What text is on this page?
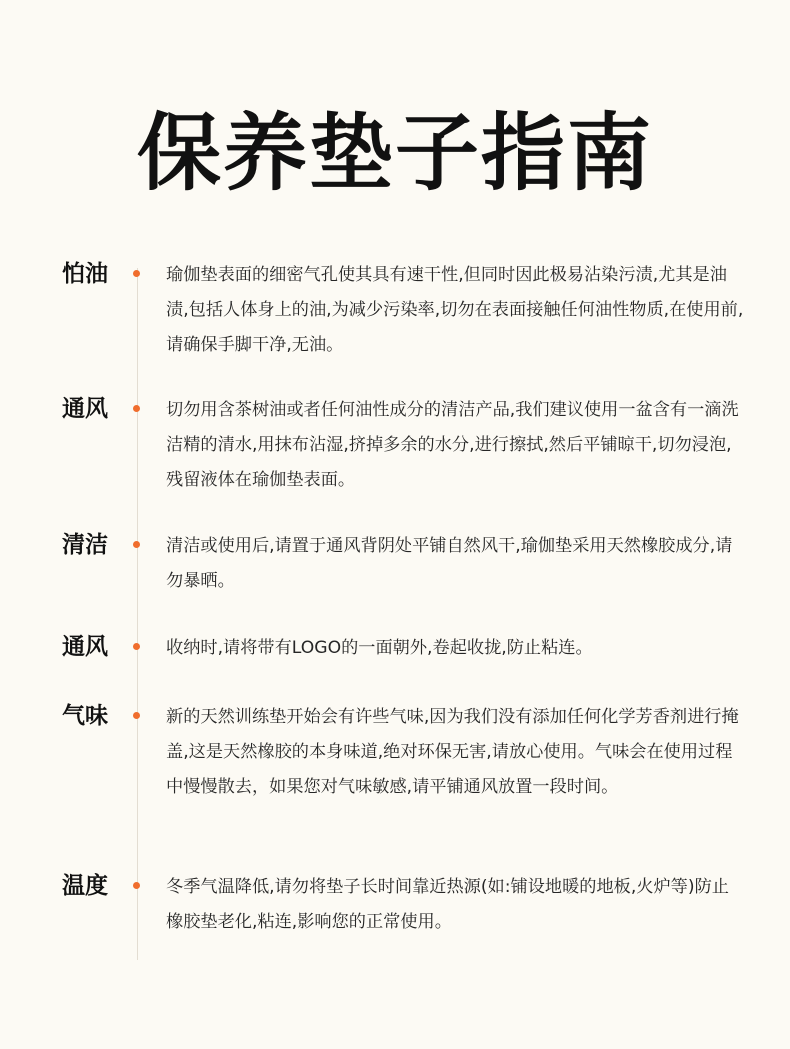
保养垫子指南
怕油	瑜伽垫表面的细密气孔使其具有速干性,但同时因此极易沾染污渍,尤其是油渍,包括人体身上的油,为减少污染率,切勿在表面接触任何油性物质,在使用前,请确保手脚干净,无油。
通风	切勿用含茶树油或者任何油性成分的清洁产品,我们建议使用一盆含有一滴洗洁精的清水,用抹布沾湿,挤掉多余的水分,进行擦拭,然后平铺晾干,切勿浸泡,残留液体在瑜伽垫表面。
清洁	清洁或使用后,请置于通风背阴处平铺自然风干,瑜伽垫采用天然橡胶成分,请勿暴晒。
通风	收纳时,请将带有LOGO的一面朝外,卷起收拢,防止粘连。
气味	新的天然训练垫开始会有许些气味,因为我们没有添加任何化学芳香剂进行掩盖,这是天然橡胶的本身味道,绝对环保无害,请放心使用。气味会在使用过程中慢慢散去，如果您对气味敏感,请平铺通风放置一段时间。
温度	冬季气温降低,请勿将垫子长时间靠近热源(如:铺设地暖的地板,火炉等)防止橡胶垫老化,粘连,影响您的正常使用。
